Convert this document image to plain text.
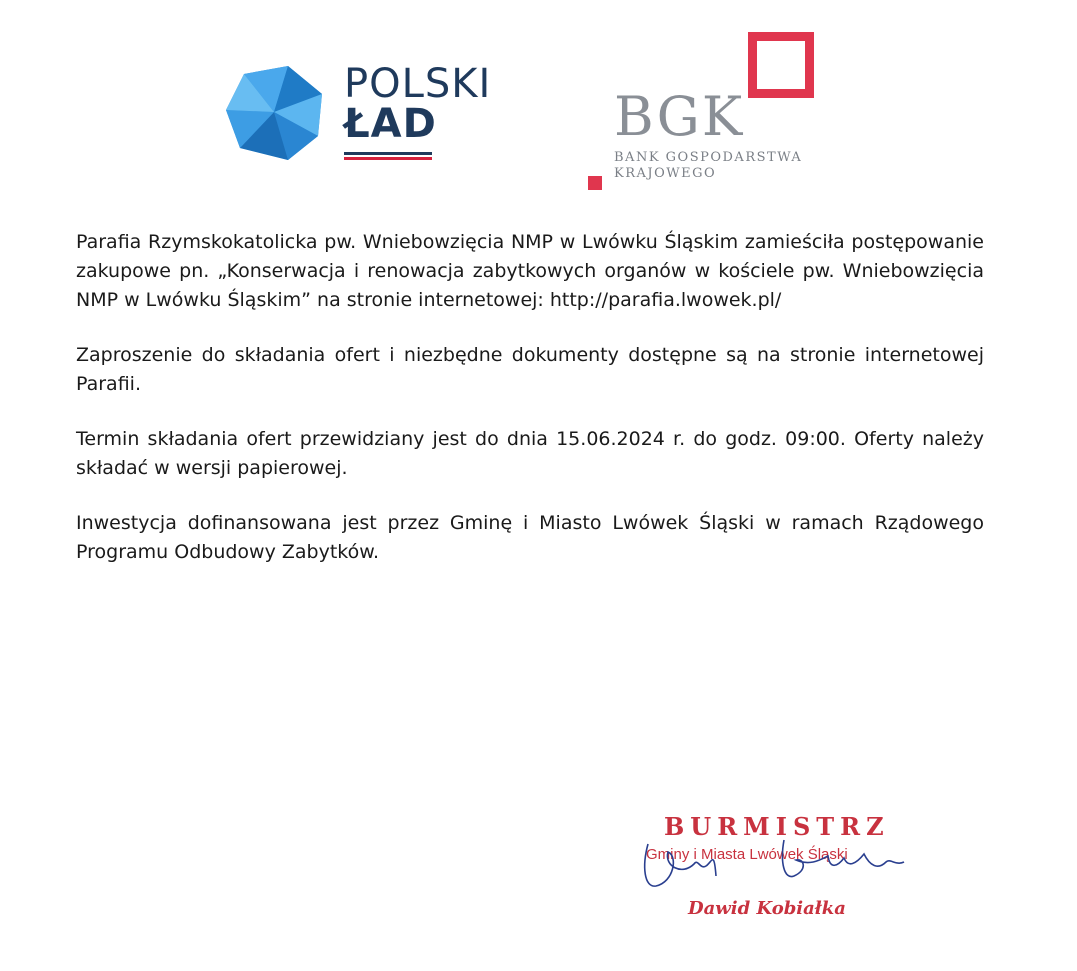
POLSKI
ŁAD	BGK
BANK GOSPODARSTWA
KRAJOWEGO

Parafia Rzymskokatolicka pw. Wniebowzięcia NMP w Lwówku Śląskim zamieściła postępowanie zakupowe pn. „Konserwacja i renowacja zabytkowych organów w kościele pw. Wniebowzięcia NMP w Lwówku Śląskim” na stronie internetowej: http://parafia.lwowek.pl/

Zaproszenie do składania ofert i niezbędne dokumenty dostępne są na stronie internetowej Parafii.

Termin składania ofert przewidziany jest do dnia 15.06.2024 r. do godz. 09:00. Oferty należy składać w wersji papierowej.

Inwestycja dofinansowana jest przez Gminę i Miasto Lwówek Śląski w ramach Rządowego Programu Odbudowy Zabytków.

BURMISTRZ
Gminy i Miasta Lwówek Śląski
Dawid Kobiałka
